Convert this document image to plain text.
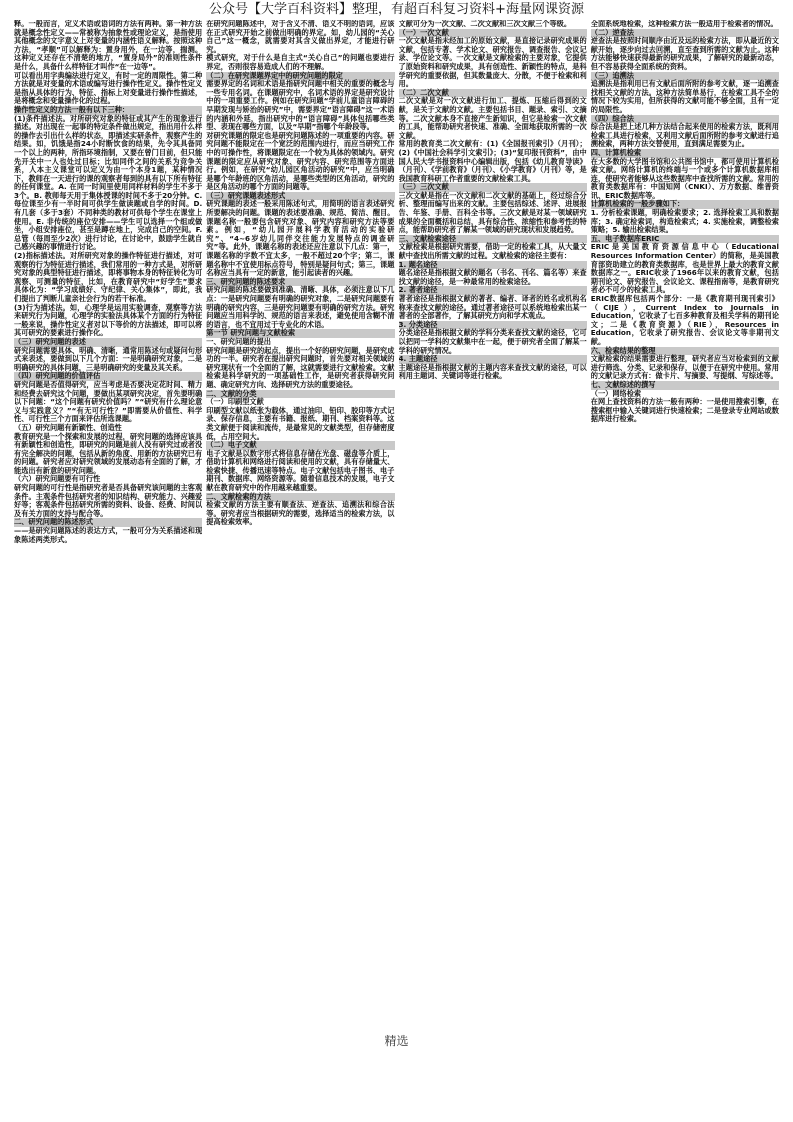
公众号【大学百科资料】整理，有超百科复习资料+海量网课资源

释。一般而言，定义术语或语词的方法有两种。第一种方法就是概念性定义——常被称为抽象性或理论定义，是指使用其他概念的文字意义上对变量的内涵性语义解释。按照这种方法，“孝顺”可以解释为：置身用外，在一边等，揣测。这种定义还存在不清楚的地方，“置身局外”的准则性条件是什么，具备什么样特征才叫作“在一边等”。

可以看出用字典编法进行定义，有时一定的周限性。第二种方法就是对变量的术语或编写进行操作性定义。操作性定义是指从具体的行为、特征、指标上对变量进行操作性描述，是将概念和变量操作化的过程。

操作性定义的方法一般有以下三种：

(1)条件描述法。对所研究对象的特征或其产生的现象进行描述。对出现在一起事的特定条件做出规定，指出用什么样的操作去引出什么样的状态，即描述实研条件，观察产生的结果。如，饥饿是指24小时断饮食的结果，先令其具备同一个以上的两种，所指环境指制，又要在曾门目前，但只能先开关中一人也处过目标；比如同伴之间的关系为竞争关系，人本主义课堂可以定义为由一个本身1题，某种情况下，教师在一天进行的课的观察者每到的具有以下所有特征的任何课堂。A. 在同一时间里使用同样材料的学生不多于3个。B. 教师每天用于集体授课的时间不多于20分钟。C. 每位课至少有一半时间可供学生做读题或自学的时间。D. 有几套（多于3套）不同种类的教材可供每个学生在课堂上使用。E. 非传统的座位安排——学生可以选择一个组或做坐，小组安排座位，甚至是蹲在地上，完成自己的空间。F. 总管（每周至少2次）进行讨论，在讨论中，鼓励学生就自己感兴趣的事情进行讨论。

(2)指标描述法。对所研究对象的操作特征进行描述，对可观察的行为特征进行描述，我们常用的一种方式是，对所研究对象的典型特征进行描述，即将事物本身的特征转化为可观察、可测量的特征，比如，在教育研究中“好学生”要求具体化为：“学习成绩好、守纪律、关心集体”，即此，我们提出了判断儿童亲社会行为的若干标准。

(3)行为描述法。如，心理学是运用实验调查，观察等方法来研究行为问题，心理学的实验法具体某个方面的行为特征一般来说，操作性定义者对以下等价的方法描述，即可以将其可研究的要素进行操作化。

（三）研究问题的表述

研究问题需要具体、明确、清晰，通常用陈述句或疑问句形式来表述，要做到以下几个方面：一是明确研究对象，二是明确研究的具体问题，三是明确研究的变量及其关系。

（四）研究问题的价值评估

研究问题是否值得研究，应当考虑是否要决定花时间、精力和经费去研究这个问题，要做出某项研究决定，首先要明确以下问题：“这个问题有研究价值吗？”“研究有什么理论意义与实践意义？”“有无可行性？”即需要从价值性、科学性、可行性三个方面来评估所选课题。

（五）研究问题有新颖性、创造性

教育研究是一个探索和发展的过程，研究问题的选择应该具有新颖性和创造性，即研究的问题是前人没有研究过或者没有完全解决的问题，包括从新的角度、用新的方法研究已有的问题。研究者应对研究领域的发展动态有全面的了解，才能选出有新意的研究问题。

（六）研究问题要有可行性

研究问题的可行性是指研究者是否具备研究该问题的主客观条件。主观条件包括研究者的知识结构、研究能力、兴趣爱好等；客观条件包括研究所需的资料、设备、经费、时间以及有关方面的支持与配合等。

二、研究问题的陈述形式

——是研究问题陈述的表达方式，一般可分为关系描述和现象陈述两类形式。

在研究问题陈述中，对于含义不清、语义不明的语词，应该在正式研究开始之前做出明确的界定。如，幼儿园的“关心自己”这一概念，就需要对其含义做出界定，才能进行研究。

模式研究，对于什么是自主式“关心自己”的问题也要进行界定，否则很容易造成人们的不理解。

（二）在研究课题界定中的研究问题的限定

需要界定的名词和术语是指研究问题中相关的重要的概念与一些专用名词。在课题研究中，名词术语的界定是研究设计中的一项重要工作。例如在研究问题“学前儿童语言障碍的早期发现与矫治的研究”中，需要界定“语言障碍”这一术语的内涵和外延，指出研究中的“语言障碍”具体包括哪些类型、表现在哪些方面，以及“早期”指哪个年龄段等。

对研究课题的限定也是研究问题陈述的一项重要的内容。研究问题不能限定在一个宽泛的范围内进行，而应当研究工作中的可操作性，将课题限定在一个较为具体的领域内。研究课题的限定应从研究对象、研究内容、研究范围等方面进行。例如，在研究“幼儿园区角活动的研究”中，应当明确是哪个年龄班的区角活动，是哪些类型的区角活动，研究的是区角活动的哪个方面的问题等。

（三）研究课题表述形式

研究课题的表述一般采用陈述句式，用简明的语言表述研究所要解决的问题。课题的表述要准确、规范、简洁、醒目。课题名称一般要包含研究对象、研究内容和研究方法等要素。例如，“幼儿园开展科学教育活动的实验研究”、“4~6岁幼儿同伴交往能力发展特点的调查研究”等。此外，课题名称的表述还应注意以下几点：第一，课题名称的字数不宜太多，一般不超过20个字；第二，课题名称中不宜使用标点符号，特别是疑问句式；第三，课题名称应当具有一定的新意，能引起读者的兴趣。

三、研究问题的陈述要求

研究问题的陈述要做到准确、清晰、具体，必须注意以下几点：一是研究问题要有明确的研究对象，二是研究问题要有明确的研究内容，三是研究问题要有明确的研究方法。研究问题应当用科学的、规范的语言来表述，避免使用含糊不清的语言，也不宜用过于专业化的术语。

第一节 研究问题与文献检索

一、研究问题的提出

研究问题是研究的起点，提出一个好的研究问题，是研究成功的一半。研究者在提出研究问题时，首先要对相关领域的研究现状有一个全面的了解，这就需要进行文献检索。文献检索是科学研究的一项基础性工作，是研究者获得研究问题、确定研究方向、选择研究方法的重要途径。

二、文献的分类

（一）印刷型文献

印刷型文献以纸张为载体，通过油印、铅印、胶印等方式记录、保存信息，主要有书籍、报纸、期刊、档案资料等。这类文献便于阅读和流传，是最常见的文献类型，但存储密度低，占用空间大。

（二）电子文献

电子文献是以数字形式将信息存储在光盘、磁盘等介质上，借助计算机和网络进行阅读和使用的文献，具有存储量大、检索快捷、传播迅速等特点。电子文献包括电子图书、电子期刊、数据库、网络资源等。随着信息技术的发展，电子文献在教育研究中的作用越来越重要。

二、文献检索的方法

检索文献的方法主要有顺查法、逆查法、追溯法和综合法等。研究者应当根据研究的需要，选择适当的检索方法，以提高检索效率。

文献可分为一次文献、二次文献和三次文献三个等级。

（一）一次文献

一次文献是指未经加工的原始文献，是直接记录研究成果的文献，包括专著、学术论文、研究报告、调查报告、会议记录、学位论文等。一次文献是文献检索的主要对象，它提供了原始资料和研究成果，具有创造性、新颖性的特点，是科学研究的重要依据，但其数量庞大、分散，不便于检索和利用。

（二）二次文献

二次文献是对一次文献进行加工、提炼、压缩后得到的文献，是关于文献的文献。主要包括书目、题录、索引、文摘等。二次文献本身不直接产生新知识，但它是检索一次文献的工具，能帮助研究者快速、准确、全面地获取所需的一次文献。

常用的教育类二次文献有：(1)《全国报刊索引》（月刊）；(2)《中国社会科学引文索引》；(3)“复印报刊资料”，由中国人民大学书报资料中心编辑出版，包括《幼儿教育导读》（月刊）、《学前教育》（月刊）、《小学教育》（月刊）等，是我国教育科研工作者重要的文献检索工具。

（三）三次文献

三次文献是指在一次文献和二次文献的基础上，经过综合分析、整理而编写出来的文献。主要包括综述、述评、进展报告、年鉴、手册、百科全书等。三次文献是对某一领域研究成果的全面概括和总结，具有综合性、浓缩性和参考性的特点，能帮助研究者了解某一领域的研究现状和发展趋势。

三、文献检索途径

文献检索是根据研究需要，借助一定的检索工具，从大量文献中查找出所需文献的过程。文献检索的途径主要有：

1. 题名途径

题名途径是指根据文献的题名（书名、刊名、篇名等）来查找文献的途径，是一种最常用的检索途径。

2. 著者途径

著者途径是指根据文献的著者、编者、译者的姓名或机构名称来查找文献的途径。通过著者途径可以系统地检索出某一著者的全部著作，了解其研究方向和学术观点。

3. 分类途径

分类途径是指根据文献的学科分类来查找文献的途径，它可以把同一学科的文献集中在一起，便于研究者全面了解某一学科的研究情况。

4. 主题途径

主题途径是指根据文献的主题内容来查找文献的途径，可以利用主题词、关键词等进行检索。

全面系统地检索，这种检索方法一般适用于检索者的情况。

（二）逆查法

逆查法是按照时间顺序由近及远的检索方法，即从最近的文献开始，逐步向过去回溯，直至查到所需的文献为止。这种方法能够快速获得最新的研究成果，了解研究的最新动态，但不容易获得全面系统的资料。

（三）追溯法

追溯法是指利用已有文献后面所附的参考文献，逐一追溯查找相关文献的方法。这种方法简单易行，在检索工具不全的情况下较为实用，但所获得的文献可能不够全面，且有一定的局限性。

（四）综合法

综合法是把上述几种方法结合起来使用的检索方法，既利用检索工具进行检索，又利用文献后面所附的参考文献进行追溯检索，两种方法交替使用，直到满足需要为止。

四、计算机检索

在大多数的大学图书馆和公共图书馆中，都可使用计算机检索文献。网络计算机的终端与一个或多个计算机数据库相连，使研究者能够从这些数据库中查找所需的文献。常用的教育类数据库有：中国知网（CNKI）、万方数据、维普资讯、ERIC数据库等。

计算机检索的一般步骤如下：

1. 分析检索课题，明确检索要求；2. 选择检索工具和数据库；3. 确定检索词，构造检索式；4. 实施检索，调整检索策略；5. 输出检索结果。

五、电子数据库ERIC

ERIC是美国教育资源信息中心（Educational Resources Information Center）的简称，是美国教育部资助建立的教育类数据库，也是世界上最大的教育文献数据库之一。ERIC收录了1966年以来的教育文献，包括期刊论文、研究报告、会议论文、课程指南等，是教育研究者必不可少的检索工具。

ERIC数据库包括两个部分：一是《教育期刊现刊索引》（CIJE），Current Index to Journals in Education，它收录了七百多种教育及相关学科的期刊论文；二是《教育资源》（RIE），Resources in Education，它收录了研究报告、会议论文等非期刊文献。

六、检索结果的整理

文献检索的结果需要进行整理，研究者应当对检索到的文献进行筛选、分类、记录和保存，以便于在研究中使用。常用的文献记录方式有：做卡片、写摘要、写提纲、写综述等。

七、文献综述的撰写

（一）网络检索

在网上查找资料的方法一般有两种：一是使用搜索引擎，在搜索框中输入关键词进行快速检索；二是登录专业网站或数据库进行检索。

精选
